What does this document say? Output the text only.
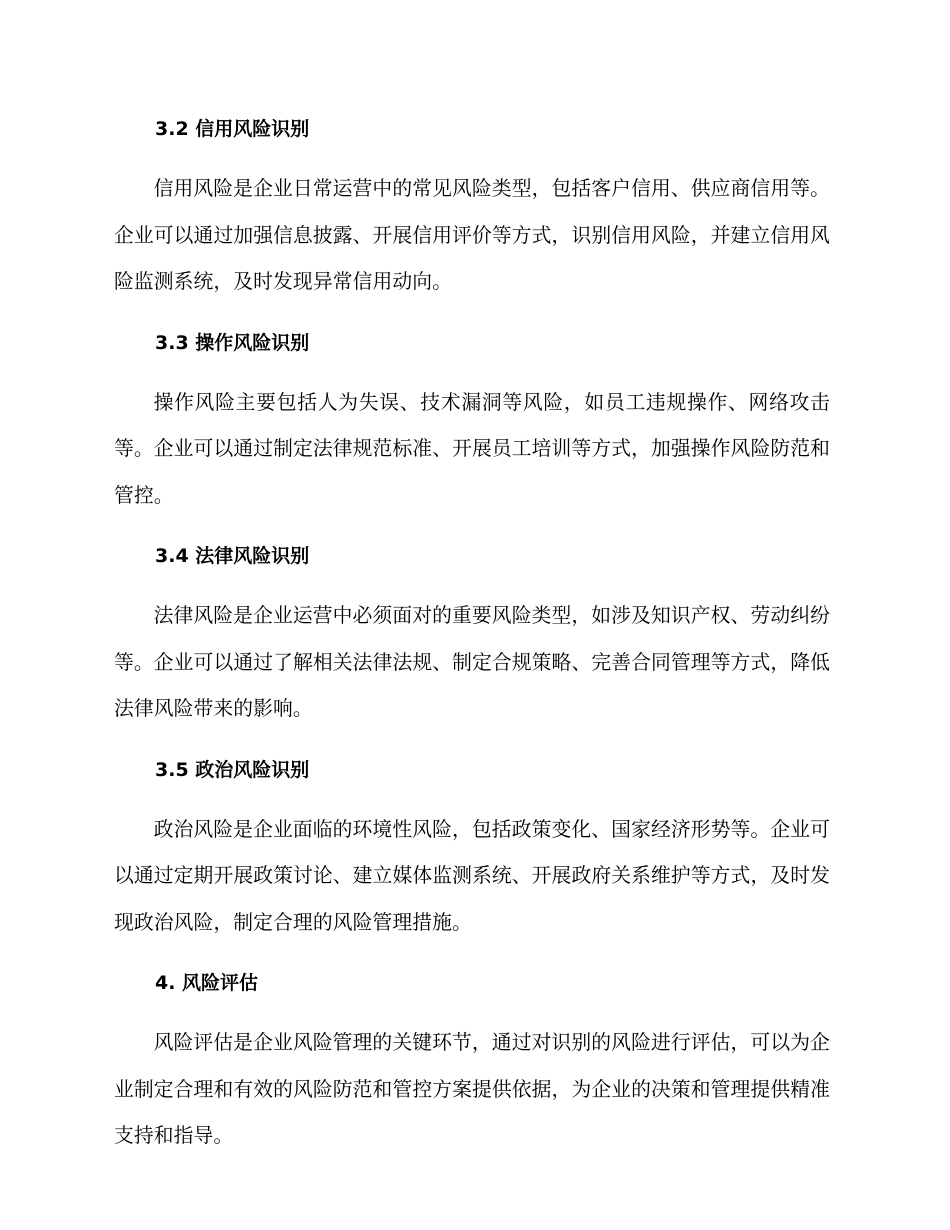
3.2 信用风险识别

信用风险是企业日常运营中的常见风险类型，包括客户信用、供应商信用等。企业可以通过加强信息披露、开展信用评价等方式，识别信用风险，并建立信用风险监测系统，及时发现异常信用动向。

3.3 操作风险识别

操作风险主要包括人为失误、技术漏洞等风险，如员工违规操作、网络攻击等。企业可以通过制定法律规范标准、开展员工培训等方式，加强操作风险防范和管控。

3.4 法律风险识别

法律风险是企业运营中必须面对的重要风险类型，如涉及知识产权、劳动纠纷等。企业可以通过了解相关法律法规、制定合规策略、完善合同管理等方式，降低法律风险带来的影响。

3.5 政治风险识别

政治风险是企业面临的环境性风险，包括政策变化、国家经济形势等。企业可以通过定期开展政策讨论、建立媒体监测系统、开展政府关系维护等方式，及时发现政治风险，制定合理的风险管理措施。

4. 风险评估

风险评估是企业风险管理的关键环节，通过对识别的风险进行评估，可以为企业制定合理和有效的风险防范和管控方案提供依据，为企业的决策和管理提供精准支持和指导。
